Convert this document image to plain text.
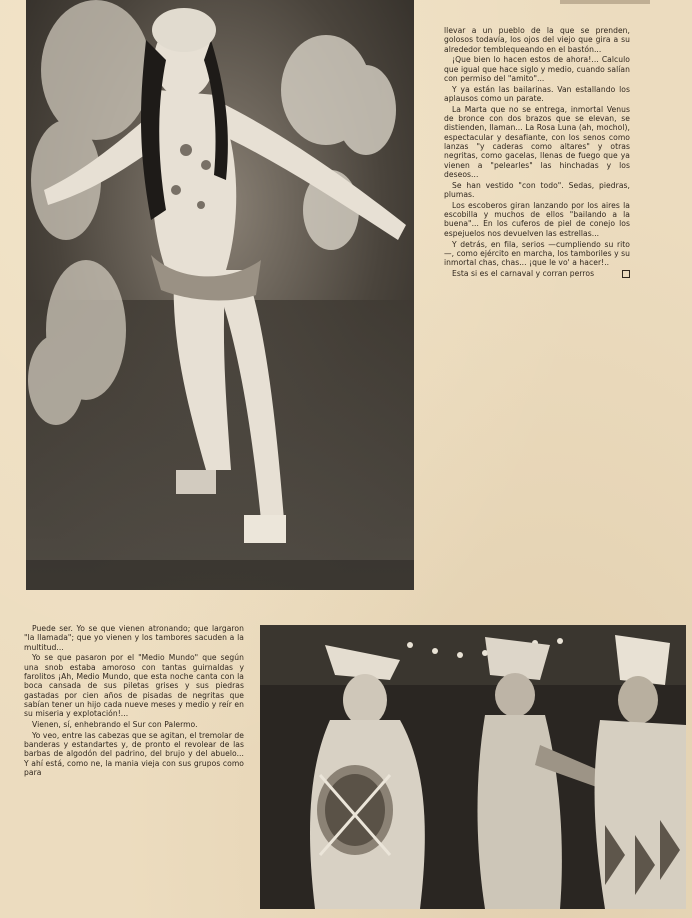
llevar a un pueblo de la que se prenden, golosos todavía, los ojos del viejo que gira a su alrededor temblequeando en el bastón...

¡Que bien lo hacen estos de ahora!... Calculo que igual que hace siglo y medio, cuando salían con permiso del "amito"...

Y ya están las bailarinas. Van estallando los aplausos como un parate.

La Marta que no se entrega, inmortal Venus de bronce con dos brazos que se elevan, se distienden, llaman... La Rosa Luna (ah, mochol), espectacular y desafiante, con los senos como lanzas "y caderas como altares" y otras negritas, como gacelas, llenas de fuego que ya vienen a "pelearles" las hinchadas y los deseos...

Se han vestido "con todo". Sedas, piedras, plumas.

Los escoberos giran lanzando por los aires la escobilla y muchos de ellos "bailando a la buena"... En los cuferos de piel de conejo los espejuelos nos devuelven las estrellas...

Y detrás, en fila, serios —cumpliendo su rito—, como ejército en marcha, los tamboriles y su inmortal chas, chas... ¡que le vo' a hacer!..

Esta si es el carnaval y corran perros

Puede ser. Yo se que vienen atronando; que largaron "la llamada"; que yo vienen y los tambores sacuden a la multitud...

Yo se que pasaron por el "Medio Mundo" que según una snob estaba amoroso con tantas guirnaldas y farolitos ¡Ah, Medio Mundo, que esta noche canta con la boca cansada de sus piletas grises y sus piedras gastadas por cien años de pisadas de negritas que sabían tener un hijo cada nueve meses y medio y reír en su miseria y explotación!...

Vienen, sí, enhebrando el Sur con Palermo.

Yo veo, entre las cabezas que se agitan, el tremolar de banderas y estandartes y, de pronto el revolear de las barbas de algodón del padrino, del brujo y del abuelo... Y ahí está, como ne, la mania vieja con sus grupos como para
